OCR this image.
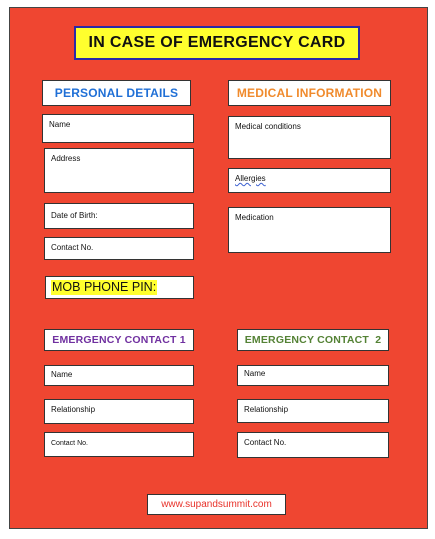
IN CASE OF EMERGENCY CARD
PERSONAL DETAILS
Name
Address
Date of Birth:
Contact No.
MEDICAL INFORMATION
Medical conditions
Allergies
Medication
MOB PHONE PIN:
EMERGENCY CONTACT 1
Name
Relationship
Contact No.
EMERGENCY CONTACT  2
Name
Relationship
Contact No.
www.supandsummit.com
